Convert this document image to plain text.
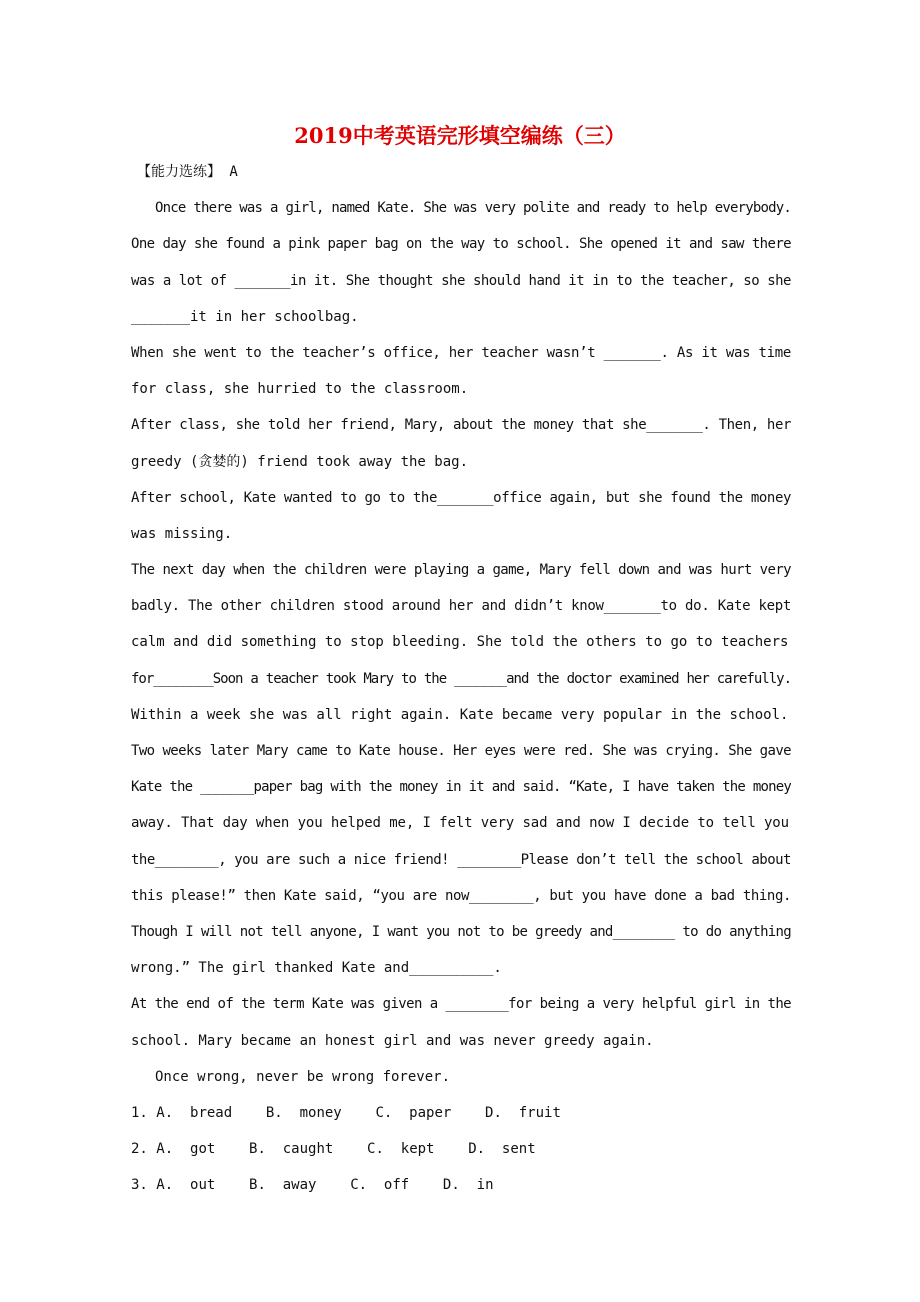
2019中考英语完形填空编练（三）
【能力选练】 A
Once there was a girl, named Kate. She was very polite and ready to help everybody.
One day she found a pink paper bag on the way to school. She opened it and saw there
was a lot of _______in it. She thought she should hand it in to the teacher, so she
_______it in her schoolbag.
When she went to the teacher’s office, her teacher wasn’t _______. As it was time
for class, she hurried to the classroom.
After class, she told her friend, Mary, about the money that she_______. Then, her
greedy (贪婪的) friend took away the bag.
After school, Kate wanted to go to the_______office again, but she found the money
was missing.
The next day when the children were playing a game, Mary fell down and was hurt very
badly. The other children stood around her and didn’t know_______to do. Kate kept
calm and did something to stop bleeding. She told the others to go to teachers
for________Soon a teacher took Mary to the _______and the doctor examined her carefully.
Within a week she was all right again. Kate became very popular in the school.
Two weeks later Mary came to Kate house. Her eyes were red. She was crying. She gave
Kate the _______paper bag with the money in it and said. “Kate, I have taken the money
away. That day when you helped me, I felt very sad and now I decide to tell you
the________, you are such a nice friend! ________Please don’t tell the school about
this please!” then Kate said, “you are now________, but you have done a bad thing.
Though I will not tell anyone, I want you not to be greedy and________ to do anything
wrong.” The girl thanked Kate and__________.
At the end of the term Kate was given a ________for being a very helpful girl in the
school. Mary became an honest girl and was never greedy again.
Once wrong, never be wrong forever.
1. A.  bread B.  money C.  paper D.  fruit
2. A.  got B.  caught C.  kept D.  sent
3. A.  out B.  away C.  off D.  in
